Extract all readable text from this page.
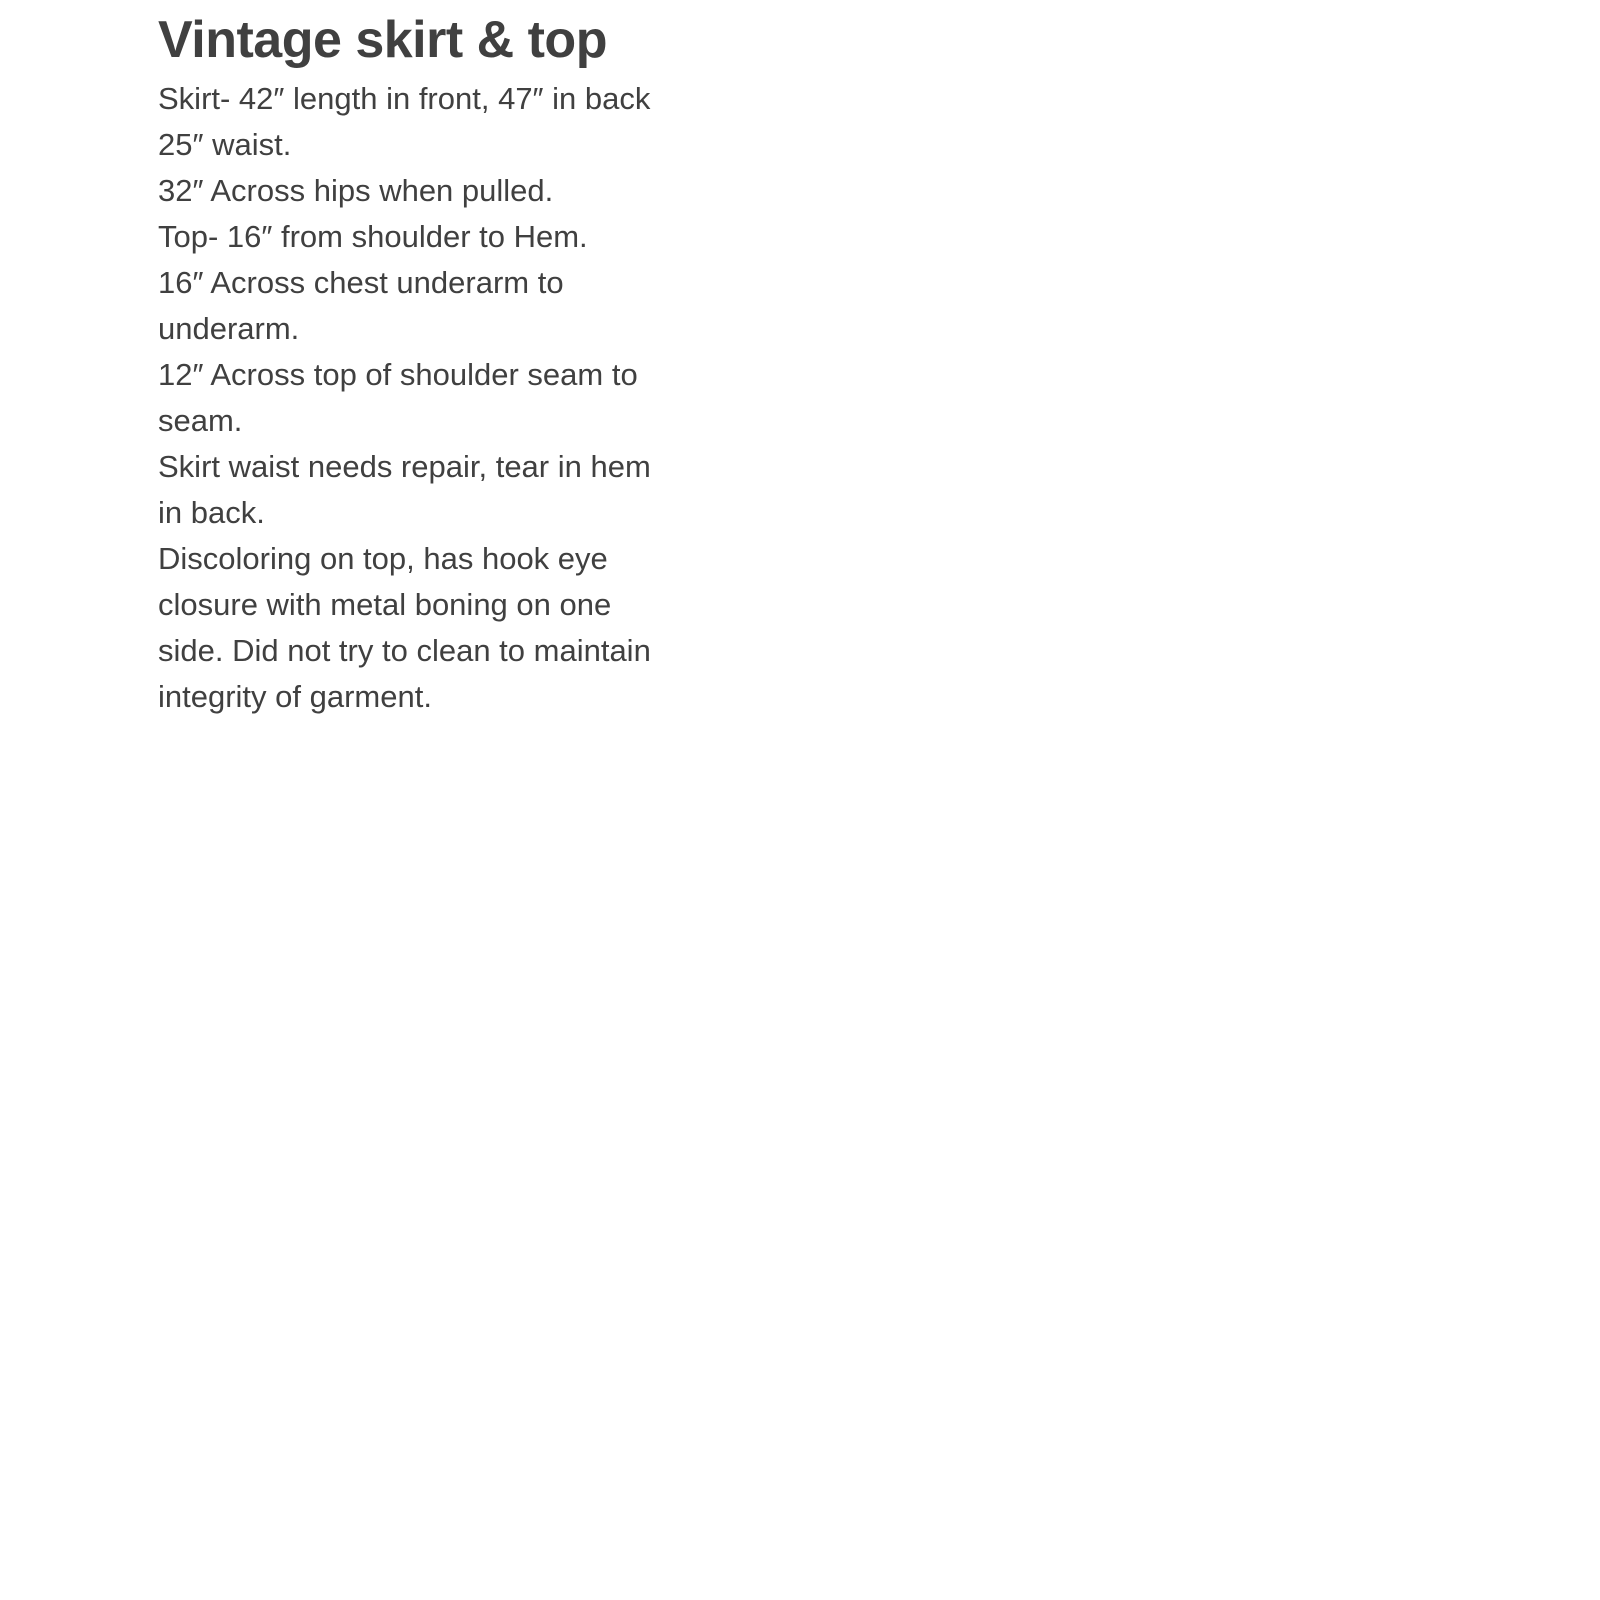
Vintage skirt & top
Skirt- 42″ length in front, 47″ in back
25″ waist.
32″ Across hips when pulled.
Top- 16″ from shoulder to Hem.
16″ Across chest underarm to underarm.
12″ Across top of shoulder seam to seam.
Skirt waist needs repair, tear in hem in back.
Discoloring on top, has hook eye closure with metal boning on one side. Did not try to clean to maintain integrity of garment.
